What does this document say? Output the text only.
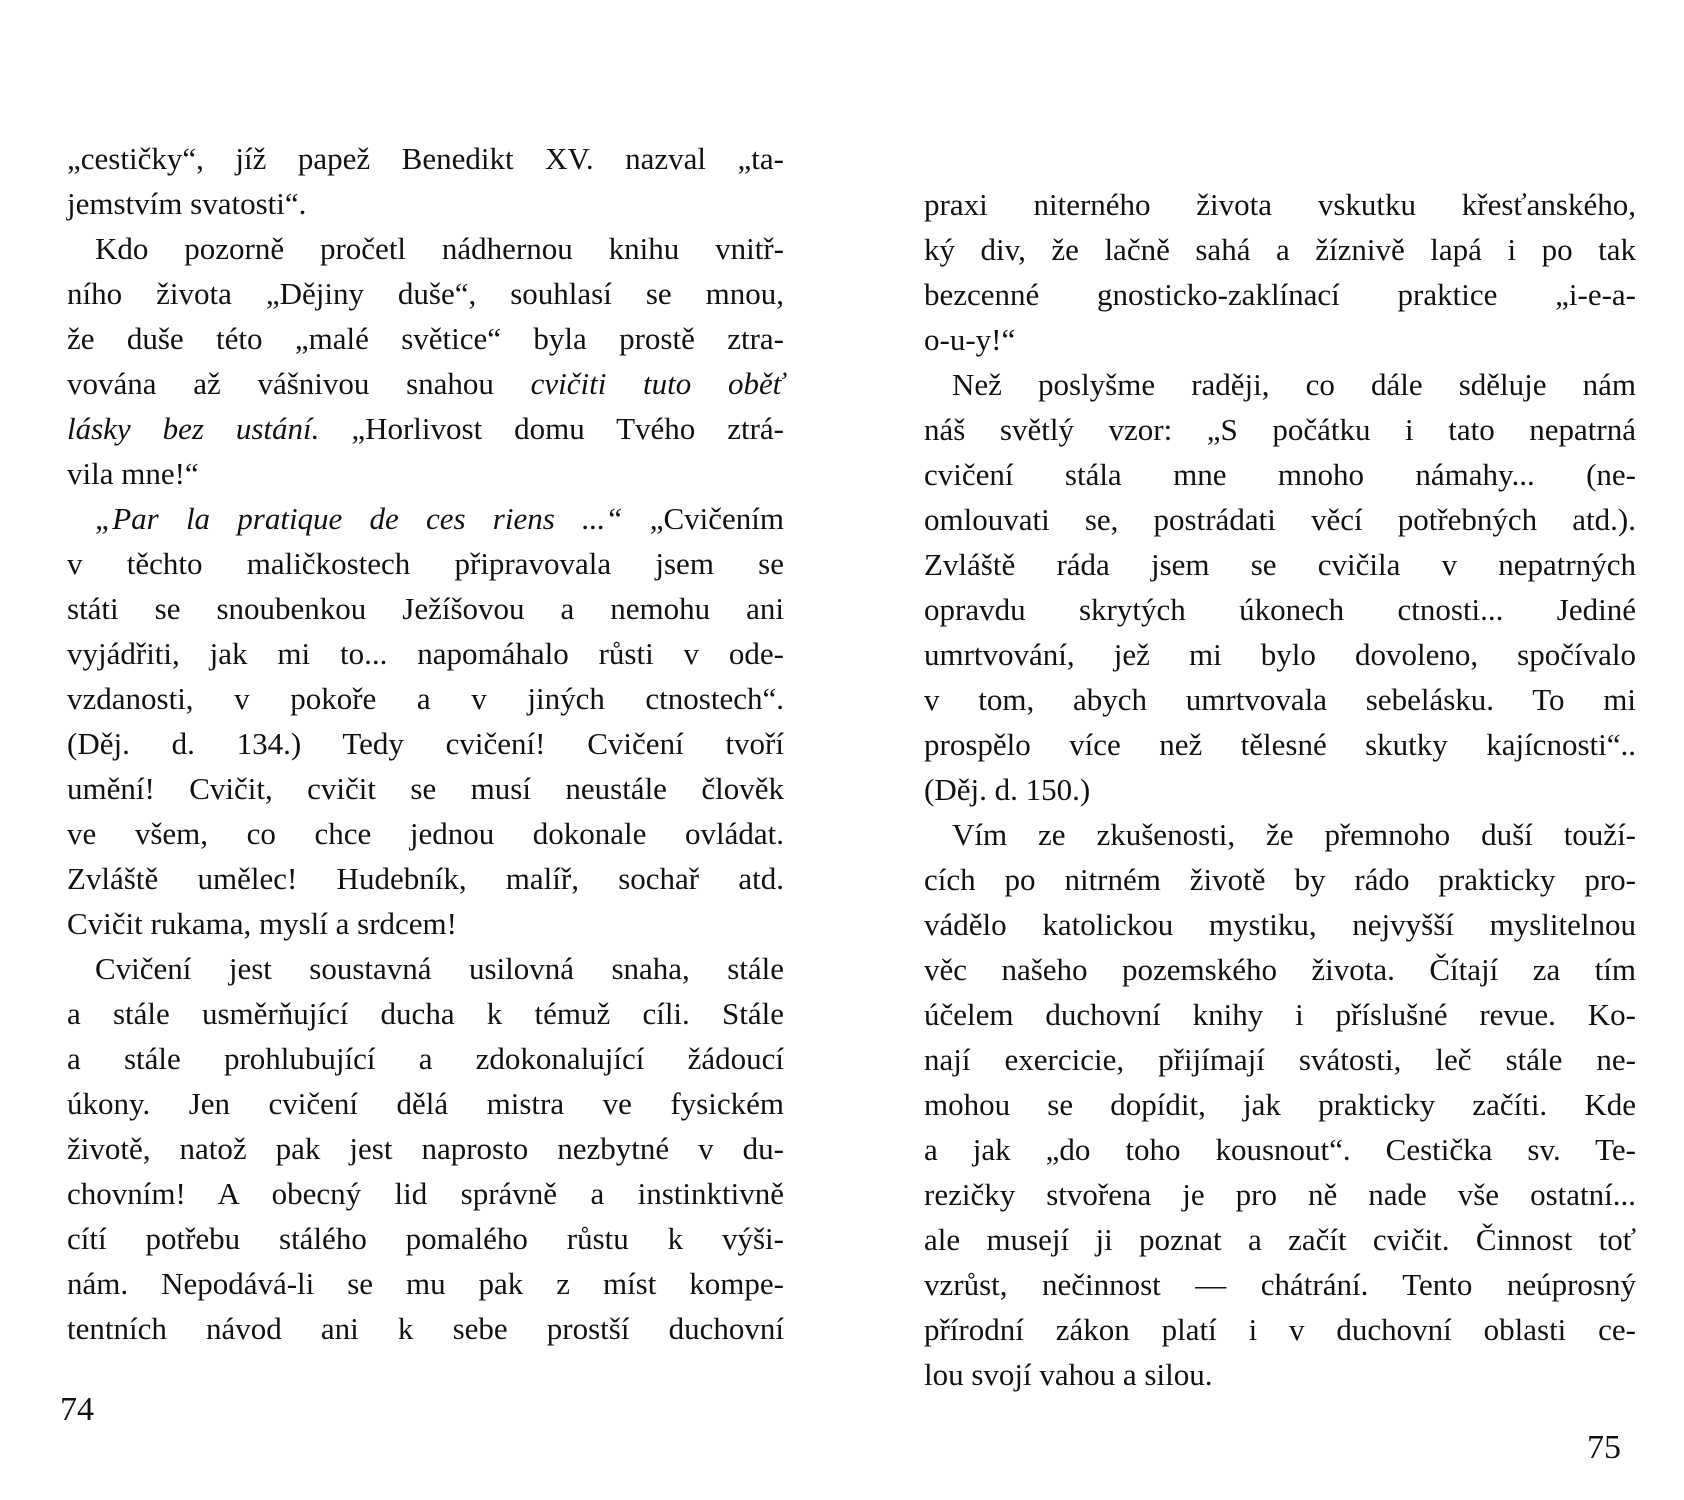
„cestičky“, jíž papež Benedikt XV. nazval „ta-
jemstvím svatosti“.
Kdo pozorně pročetl nádhernou knihu vnitř-
ního života „Dějiny duše“, souhlasí se mnou,
že duše této „malé světice“ byla prostě ztra-
vována až vášnivou snahou cvičiti tuto oběť
lásky bez ustání. „Horlivost domu Tvého ztrá-
vila mne!“
„Par la pratique de ces riens ...“ „Cvičením
v těchto maličkostech připravovala jsem se
státi se snoubenkou Ježíšovou a nemohu ani
vyjádřiti, jak mi to... napomáhalo růsti v ode-
vzdanosti, v pokoře a v jiných ctnostech“.
(Děj. d. 134.) Tedy cvičení! Cvičení tvoří
umění! Cvičit, cvičit se musí neustále člověk
ve všem, co chce jednou dokonale ovládat.
Zvláště umělec! Hudebník, malíř, sochař atd.
Cvičit rukama, myslí a srdcem!
Cvičení jest soustavná usilovná snaha, stále
a stále usměrňující ducha k témuž cíli. Stále
a stále prohlubující a zdokonalující žádoucí
úkony. Jen cvičení dělá mistra ve fysickém
životě, natož pak jest naprosto nezbytné v du-
chovním! A obecný lid správně a instinktivně
cítí potřebu stálého pomalého růstu k výši-
nám. Nepodává-li se mu pak z míst kompe-
tentních návod ani k sebe prostší duchovní
74
praxi niterného života vskutku křesťanského,
ký div, že lačně sahá a žíznivě lapá i po tak
bezcenné gnosticko-zaklínací praktice „i-e-a-
o-u-y!“
Než poslyšme raději, co dále sděluje nám
náš světlý vzor: „S počátku i tato nepatrná
cvičení stála mne mnoho námahy... (ne-
omlouvati se, postrádati věcí potřebných atd.).
Zvláště ráda jsem se cvičila v nepatrných
opravdu skrytých úkonech ctnosti... Jediné
umrtvování, jež mi bylo dovoleno, spočívalo
v tom, abych umrtvovala sebelásku. To mi
prospělo více než tělesné skutky kajícnosti“..
(Děj. d. 150.)
Vím ze zkušenosti, že přemnoho duší touží-
cích po nitrném životě by rádo prakticky pro-
vádělo katolickou mystiku, nejvyšší myslitelnou
věc našeho pozemského života. Čítají za tím
účelem duchovní knihy i příslušné revue. Ko-
nají exercicie, přijímají svátosti, leč stále ne-
mohou se dopídit, jak prakticky začíti. Kde
a jak „do toho kousnout“. Cestička sv. Te-
rezičky stvořena je pro ně nade vše ostatní...
ale musejí ji poznat a začít cvičit. Činnost toť
vzrůst, nečinnost — chátrání. Tento neúprosný
přírodní zákon platí i v duchovní oblasti ce-
lou svojí vahou a silou.
75
